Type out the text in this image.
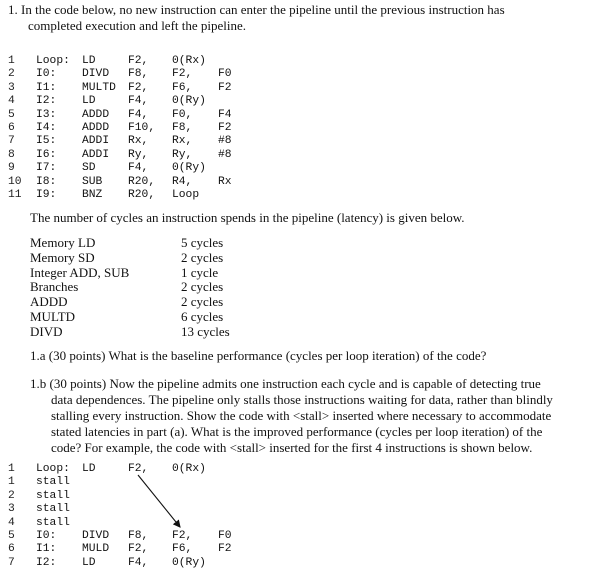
1. In the code below, no new instruction can enter the pipeline until the previous instruction has
completed execution and left the pipeline.
1 Loop: LD	F2, 0(Rx)
2 I0: DIVD F8, F2, F0
3 I1: MULTD F2, F6, F2
4 I2: LD	F4, 0(Ry)
5 I3: ADDD F4, F0, F4
6 I4: ADDD F10, F8, F2
7 I5: ADDI Rx, Rx, #8
8 I6: ADDI Ry, Ry, #8
9 I7: SD	F4, 0(Ry)
10 I8: SUB R20, R4, Rx
11 I9: BNZ R20, Loop
The number of cycles an instruction spends in the pipeline (latency) is given below.
Memory LD	5 cycles
Memory SD	2 cycles
Integer ADD, SUB	1 cycle
Branches	2 cycles
ADDD	2 cycles
MULTD	6 cycles
DIVD	13 cycles
1.a (30 points) What is the baseline performance (cycles per loop iteration) of the code?
1.b (30 points) Now the pipeline admits one instruction each cycle and is capable of detecting true
data dependences. The pipeline only stalls those instructions waiting for data, rather than blindly
stalling every instruction. Show the code with <stall> inserted where necessary to accommodate
stated latencies in part (a). What is the improved performance (cycles per loop iteration) of the
code? For example, the code with <stall> inserted for the first 4 instructions is shown below.
1 Loop: LD	F2, 0(Rx)
1 stall
2 stall
3 stall
4 stall
5 I0: DIVD F8, F2, F0
6 I1: MULD F2, F6, F2
7 I2: LD	F4, 0(Ry)
